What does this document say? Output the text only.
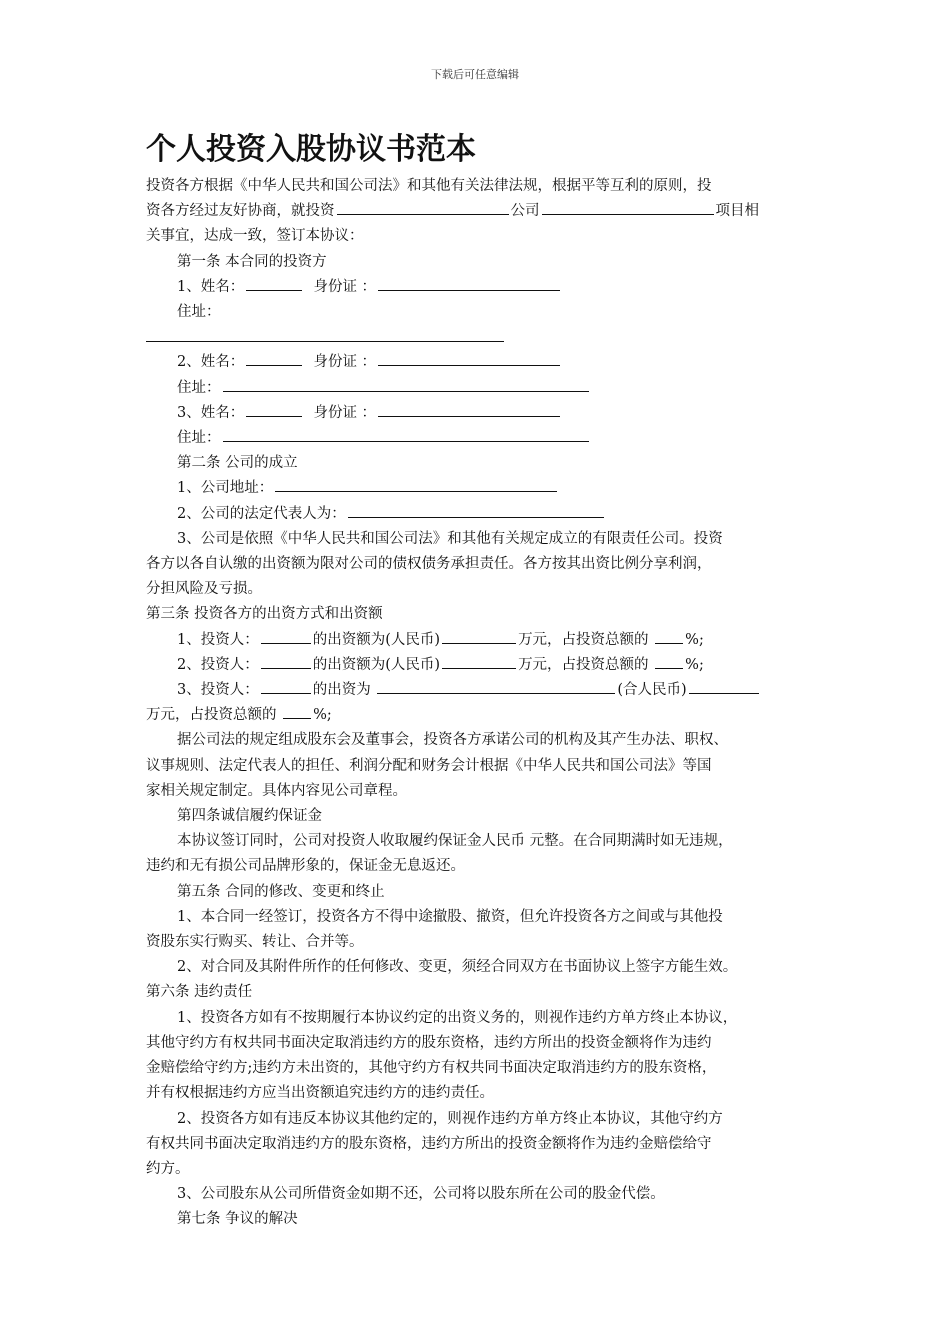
下载后可任意编辑
个人投资入股协议书范本

投资各方根据《中华人民共和国公司法》和其他有关法律法规，根据平等互利的原则，投

资各方经过友好协商，就投资	公司	项目相

关事宜，达成一致，签订本协议：

第一条 本合同的投资方

1、姓名：	身份证 ：

住址：

2、姓名：	身份证 ：

住址：

3、姓名：	身份证 ：

住址：

第二条 公司的成立

1、公司地址：

2、公司的法定代表人为：

3、公司是依照《中华人民共和国公司法》和其他有关规定成立的有限责任公司。投资

各方以各自认缴的出资额为限对公司的债权债务承担责任。各方按其出资比例分享利润，

分担风险及亏损。

第三条 投资各方的出资方式和出资额

1、投资人：	的出资额为(人民币)	万元，占投资总额的	%;

2、投资人：	的出资额为(人民币)	万元，占投资总额的	%;

3、投资人：	的出资为	(合人民币)

万元，占投资总额的	%;

据公司法的规定组成股东会及董事会，投资各方承诺公司的机构及其产生办法、职权、

议事规则、法定代表人的担任、利润分配和财务会计根据《中华人民共和国公司法》等国

家相关规定制定。具体内容见公司章程。

第四条诚信履约保证金

本协议签订同时，公司对投资人收取履约保证金人民币 元整。在合同期满时如无违规，

违约和无有损公司品牌形象的，保证金无息返还。

第五条 合同的修改、变更和终止

1、本合同一经签订，投资各方不得中途撤股、撤资，但允许投资各方之间或与其他投

资股东实行购买、转让、合并等。

2、对合同及其附件所作的任何修改、变更，须经合同双方在书面协议上签字方能生效。

第六条 违约责任

1、投资各方如有不按期履行本协议约定的出资义务的，则视作违约方单方终止本协议，

其他守约方有权共同书面决定取消违约方的股东资格，违约方所出的投资金额将作为违约

金赔偿给守约方;违约方未出资的，其他守约方有权共同书面决定取消违约方的股东资格，

并有权根据违约方应当出资额追究违约方的违约责任。

2、投资各方如有违反本协议其他约定的，则视作违约方单方终止本协议，其他守约方

有权共同书面决定取消违约方的股东资格，违约方所出的投资金额将作为违约金赔偿给守

约方。

3、公司股东从公司所借资金如期不还，公司将以股东所在公司的股金代偿。

第七条 争议的解决
